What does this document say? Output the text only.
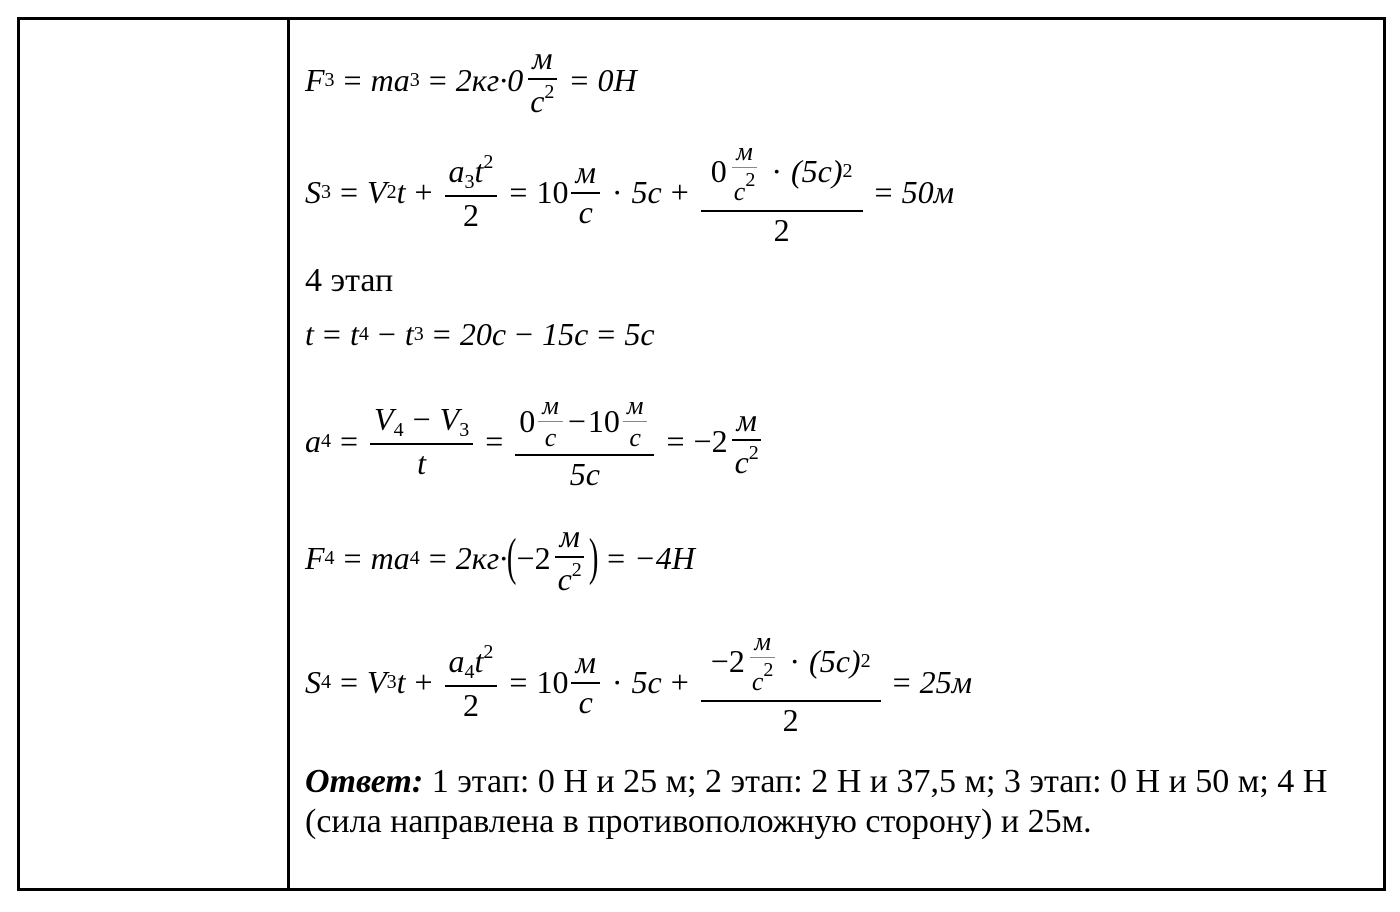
F 3 = ma $3 = 2кг\cdot 0 \frac{м}{с^2} = 0H$
S 3 = V 2 $t + \frac{a_3t^2}{2} = 10 \frac{м}{с} \cdot 5с$ +
$0 \frac{м}{с^2} \cdot (5с)$ 2
2
= 50м
4 этап
t = t 4 − t 3 = 20с − 15с = 5с
a $4 = \frac{V_4 - V_3}{t}$ =
$0 \frac{м}{с} - 10 \frac{м}{с}$
5с
= $-2 \frac{м}{с^2}$
F 4 = ma 4 = 2кг· ( $-2 \frac{м}{с^2}$ ) = −4H
S 4 = V 3 $t + \frac{a_4t^2}{2} = 10 \frac{м}{с} \cdot 5с$ +
$-2 \frac{м}{с^2} \cdot (5с)$ 2
2
= 25м
Ответ: 1 этап: 0 Н и 25 м; 2 этап: 2 Н и 37,5 м; 3 этап: 0 Н и 50 м; 4 Н (сила направлена в противоположную сторону) и 25м.
